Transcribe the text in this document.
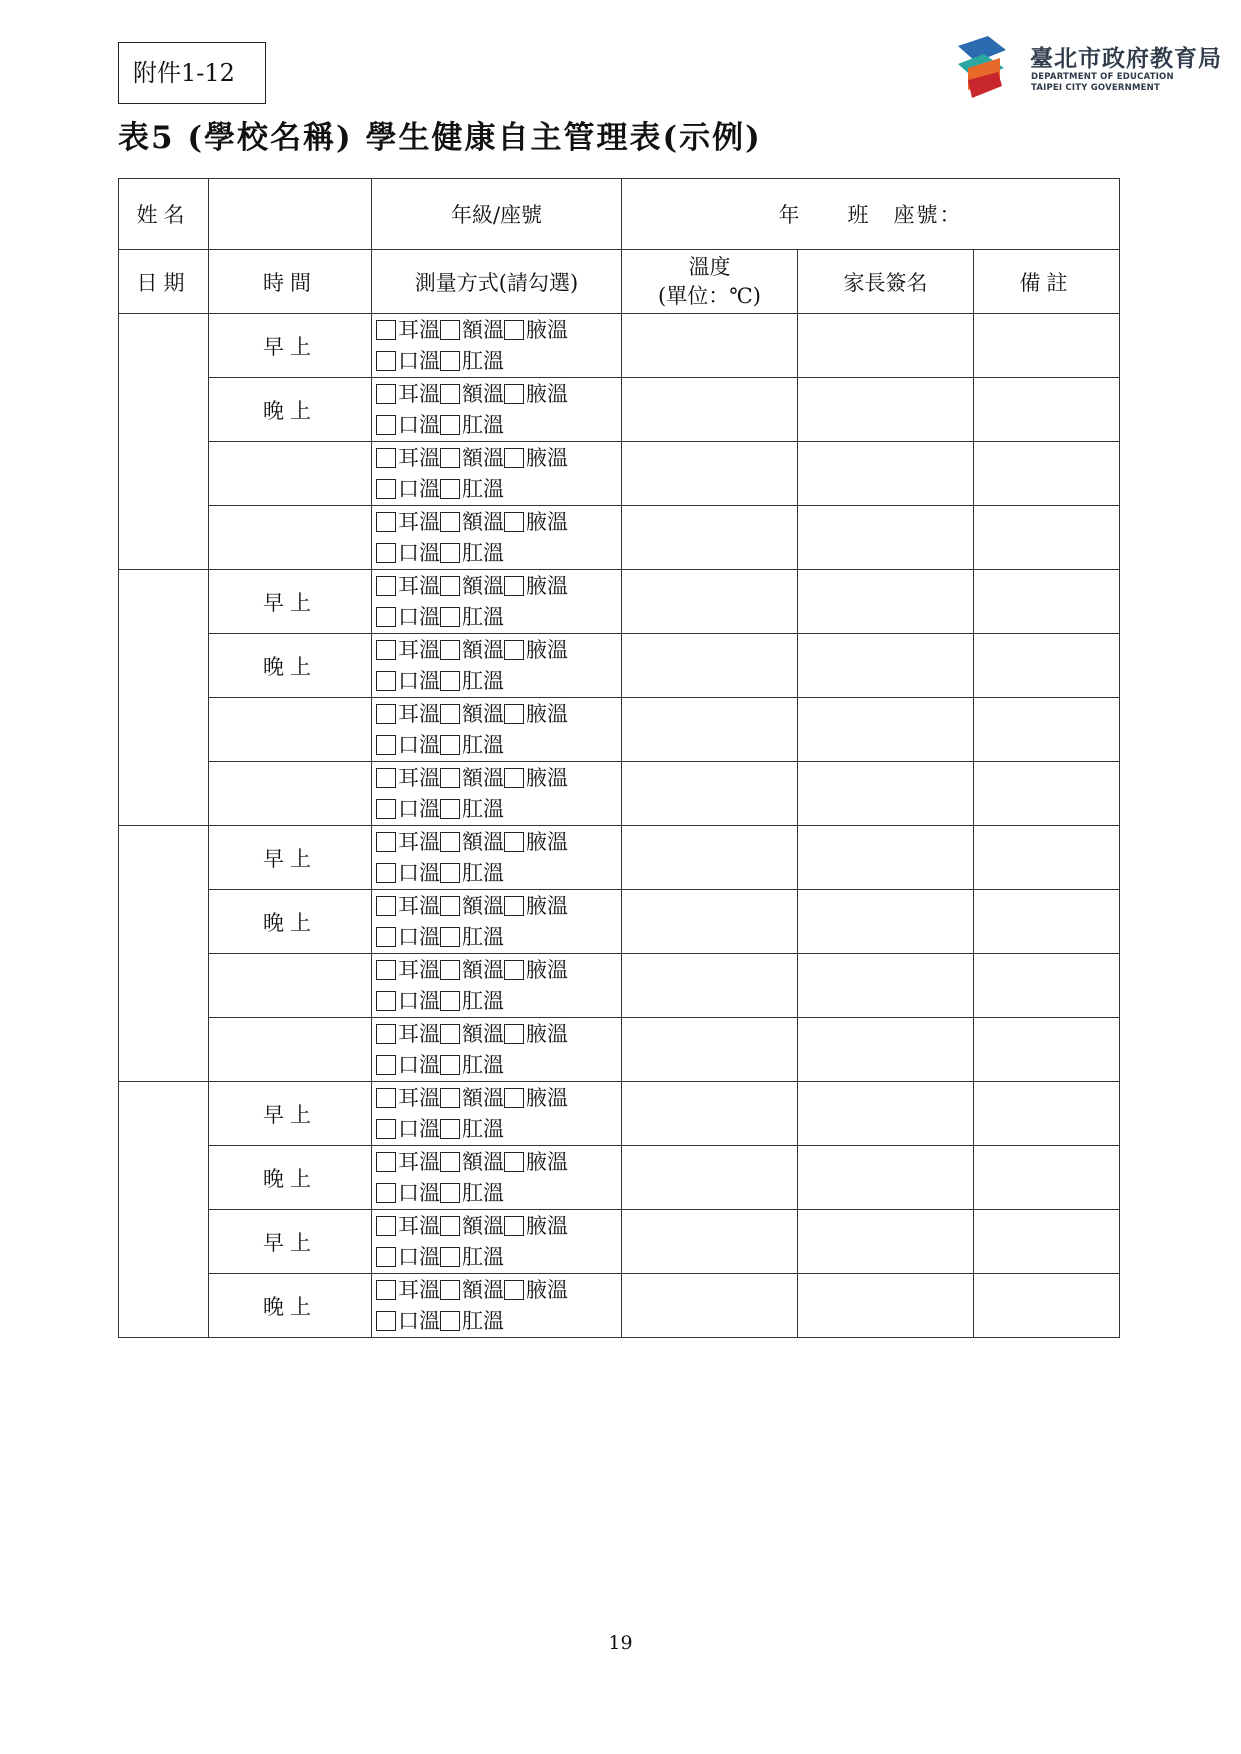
附件1-12	臺北市政府教育局
DEPARTMENT OF EDUCATION
TAIPEI CITY GOVERNMENT
表5 (學校名稱) 學生健康自主管理表(示例)
姓名		年級/座號	年　　班　座號：		
日期	時間	測量方式(請勾選)	溫度
(單位：℃)	家長簽名	備註
	早上	耳溫 額溫 腋溫
口溫 肛溫			

	晚上	耳溫 額溫 腋溫
口溫 肛溫			

		耳溫 額溫 腋溫
口溫 肛溫			

		耳溫 額溫 腋溫
口溫 肛溫			

	早上	耳溫 額溫 腋溫
口溫 肛溫			

	晚上	耳溫 額溫 腋溫
口溫 肛溫			

		耳溫 額溫 腋溫
口溫 肛溫			

		耳溫 額溫 腋溫
口溫 肛溫			

	早上	耳溫 額溫 腋溫
口溫 肛溫			

	晚上	耳溫 額溫 腋溫
口溫 肛溫			

		耳溫 額溫 腋溫
口溫 肛溫			

		耳溫 額溫 腋溫
口溫 肛溫			

	早上	耳溫 額溫 腋溫
口溫 肛溫			

	晚上	耳溫 額溫 腋溫
口溫 肛溫			

	早上	耳溫 額溫 腋溫
口溫 肛溫			

	晚上	耳溫 額溫 腋溫
口溫 肛溫			

19
